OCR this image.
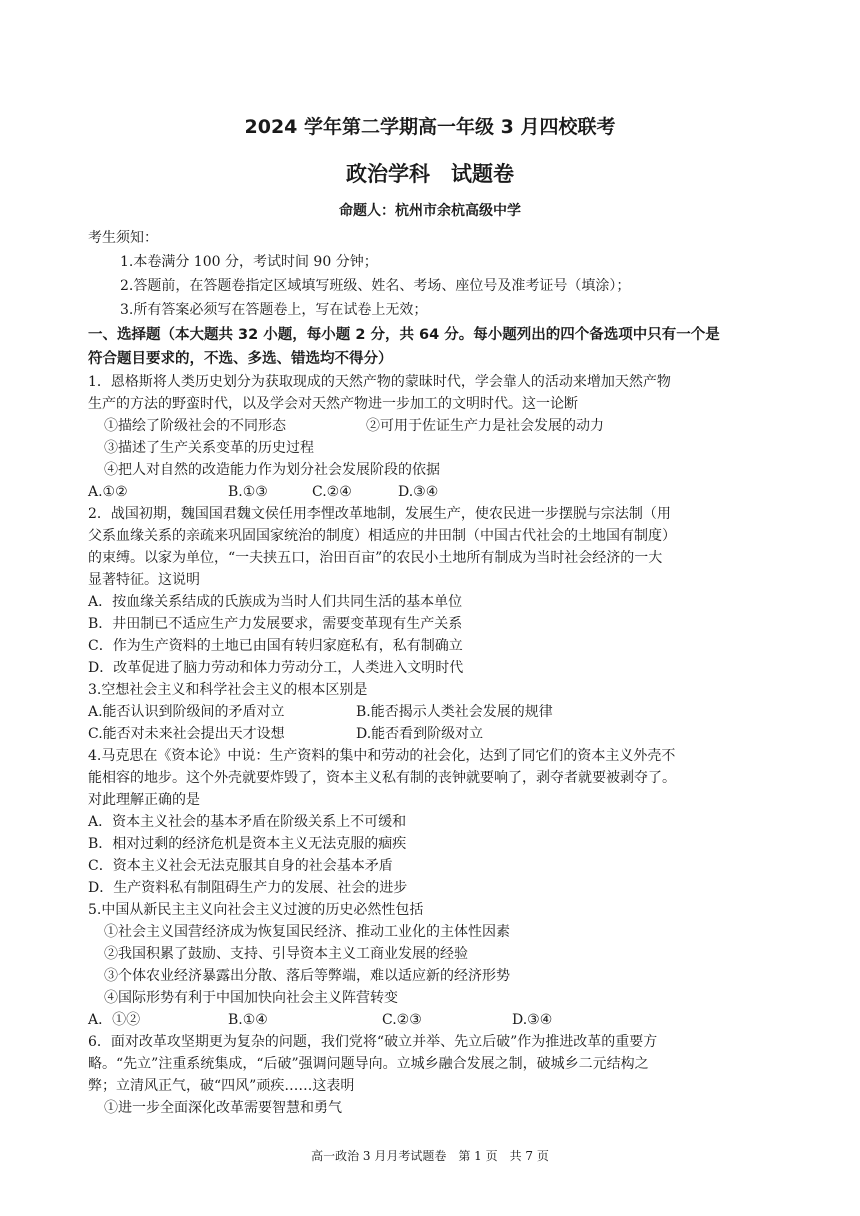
2024 学年第二学期高一年级 3 月四校联考
政治学科　试题卷
命题人：杭州市余杭高级中学
考生须知：
1.本卷满分 100 分，考试时间 90 分钟；
2.答题前，在答题卷指定区域填写班级、姓名、考场、座位号及准考证号（填涂）；
3.所有答案必须写在答题卷上，写在试卷上无效；
一、选择题（本大题共 32 小题，每小题 2 分，共 64 分。每小题列出的四个备选项中只有一个是
符合题目要求的，不选、多选、错选均不得分）
1．恩格斯将人类历史划分为获取现成的天然产物的蒙昧时代，学会靠人的活动来增加天然产物
生产的方法的野蛮时代，以及学会对天然产物进一步加工的文明时代。这一论断
①描绘了阶级社会的不同形态	②可用于佐证生产力是社会发展的动力
③描述了生产关系变革的历史过程
④把人对自然的改造能力作为划分社会发展阶段的依据
A.①②	B.①③	C.②④	D.③④
2．战国初期，魏国国君魏文侯任用李悝改革地制，发展生产，使农民进一步摆脱与宗法制（用
父系血缘关系的亲疏来巩固国家统治的制度）相适应的井田制（中国古代社会的土地国有制度）
的束缚。以家为单位，“一夫挟五口，治田百亩”的农民小土地所有制成为当时社会经济的一大
显著特征。这说明
A．按血缘关系结成的氏族成为当时人们共同生活的基本单位
B．井田制已不适应生产力发展要求，需要变革现有生产关系
C．作为生产资料的土地已由国有转归家庭私有，私有制确立
D．改革促进了脑力劳动和体力劳动分工，人类进入文明时代
3.空想社会主义和科学社会主义的根本区别是
A.能否认识到阶级间的矛盾对立	B.能否揭示人类社会发展的规律
C.能否对未来社会提出天才设想	D.能否看到阶级对立
4.马克思在《资本论》中说：生产资料的集中和劳动的社会化，达到了同它们的资本主义外壳不
能相容的地步。这个外壳就要炸毁了，资本主义私有制的丧钟就要响了，剥夺者就要被剥夺了。
对此理解正确的是
A．资本主义社会的基本矛盾在阶级关系上不可缓和
B．相对过剩的经济危机是资本主义无法克服的痼疾
C．资本主义社会无法克服其自身的社会基本矛盾
D．生产资料私有制阻碍生产力的发展、社会的进步
5.中国从新民主主义向社会主义过渡的历史必然性包括
①社会主义国营经济成为恢复国民经济、推动工业化的主体性因素
②我国积累了鼓励、支持、引导资本主义工商业发展的经验
③个体农业经济暴露出分散、落后等弊端，难以适应新的经济形势
④国际形势有利于中国加快向社会主义阵营转变
A．①②	B.①④	C.②③	D.③④
6．面对改革攻坚期更为复杂的问题，我们党将“破立并举、先立后破”作为推进改革的重要方
略。“先立”注重系统集成，“后破”强调问题导向。立城乡融合发展之制，破城乡二元结构之
弊；立清风正气，破“四风”顽疾……这表明
①进一步全面深化改革需要智慧和勇气
高一政治 3 月月考试题卷　第 1 页　共 7 页
